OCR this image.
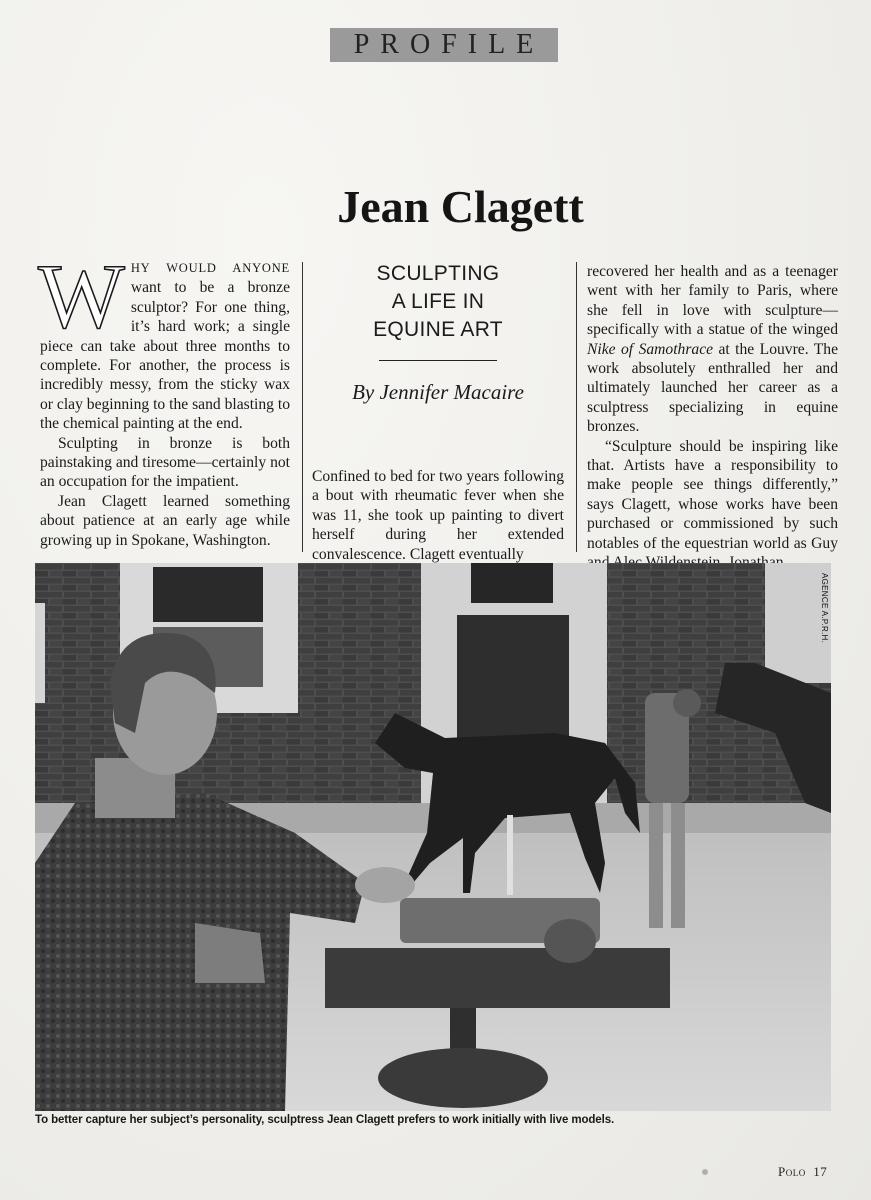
PROFILE
Jean Clagett

WHY WOULD ANYONE want to be a bronze sculptor? For one thing, it’s hard work; a single piece can take about three months to complete. For another, the process is incredibly messy, from the sticky wax or clay beginning to the sand blasting to the chemical painting at the end.

Sculpting in bronze is both painstaking and tiresome—certainly not an occupation for the impatient.

Jean Clagett learned something about patience at an early age while growing up in Spokane, Washington.

SCULPTING
A LIFE IN
EQUINE ART
By Jennifer Macaire

Confined to bed for two years following a bout with rheumatic fever when she was 11, she took up painting to divert herself during her extended convalescence. Clagett eventually

recovered her health and as a teenager went with her family to Paris, where she fell in love with sculpture—specifically with a statue of the winged Nike of Samothrace at the Louvre. The work absolutely enthralled her and ultimately launched her career as a sculptress specializing in equine bronzes.

“Sculpture should be inspiring like that. Artists have a responsibility to make people see things differently,” says Clagett, whose works have been purchased or commissioned by such notables of the equestrian world as Guy

AGENCE A.P.R.H.
To better capture her subject’s personality, sculptress Jean Clagett prefers to work initially with live models.
Polo 17
